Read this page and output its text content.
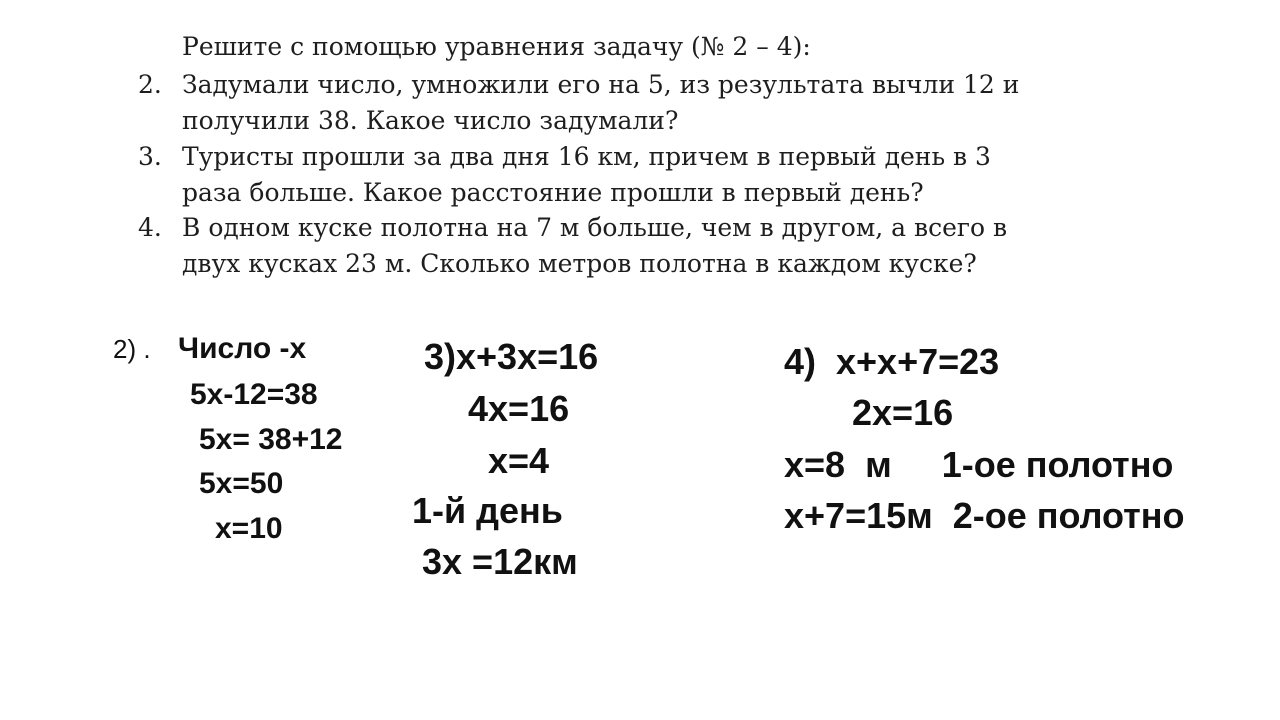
Решите с помощью уравнения задачу (№ 2 – 4):
2. Задумали число, умножили его на 5, из результата вычли 12 и
получили 38. Какое число задумали?
3. Туристы прошли за два дня 16 км, причем в первый день в 3
раза больше. Какое расстояние прошли в первый день?
4. В одном куске полотна на 7 м больше, чем в другом, а всего в
двух кусках 23 м. Сколько метров полотна в каждом куске?
2) . Число -х
5х-12=38
5х= 38+12
5х=50
х=10
3)х+3х=16
4х=16
х=4
1-й день
3х =12км
4)  х+х+7=23
2х=16
х=8  м     1-ое полотно
х+7=15м  2-ое полотно
